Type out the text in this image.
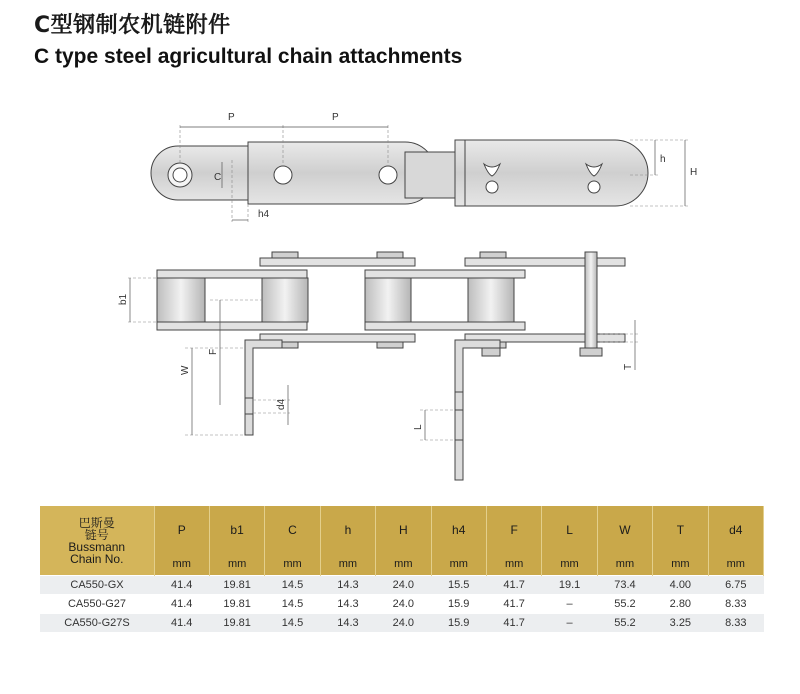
C型钢制农机链附件
C type steel agricultural chain attachments
P	P
C
h4
h
H
b1
W
F
d4
L
T
巴斯曼
链号
Bussmann
Chain No.	P	b1	C	h	H	h4	F	L	W	T	d4
	mm	mm	mm	mm	mm	mm	mm	mm	mm	mm	mm
CA550-GX	41.4	19.81	14.5	14.3	24.0	15.5	41.7	19.1	73.4	4.00	6.75
CA550-G27	41.4	19.81	14.5	14.3	24.0	15.9	41.7	–	55.2	2.80	8.33
CA550-G27S	41.4	19.81	14.5	14.3	24.0	15.9	41.7	–	55.2	3.25	8.33
